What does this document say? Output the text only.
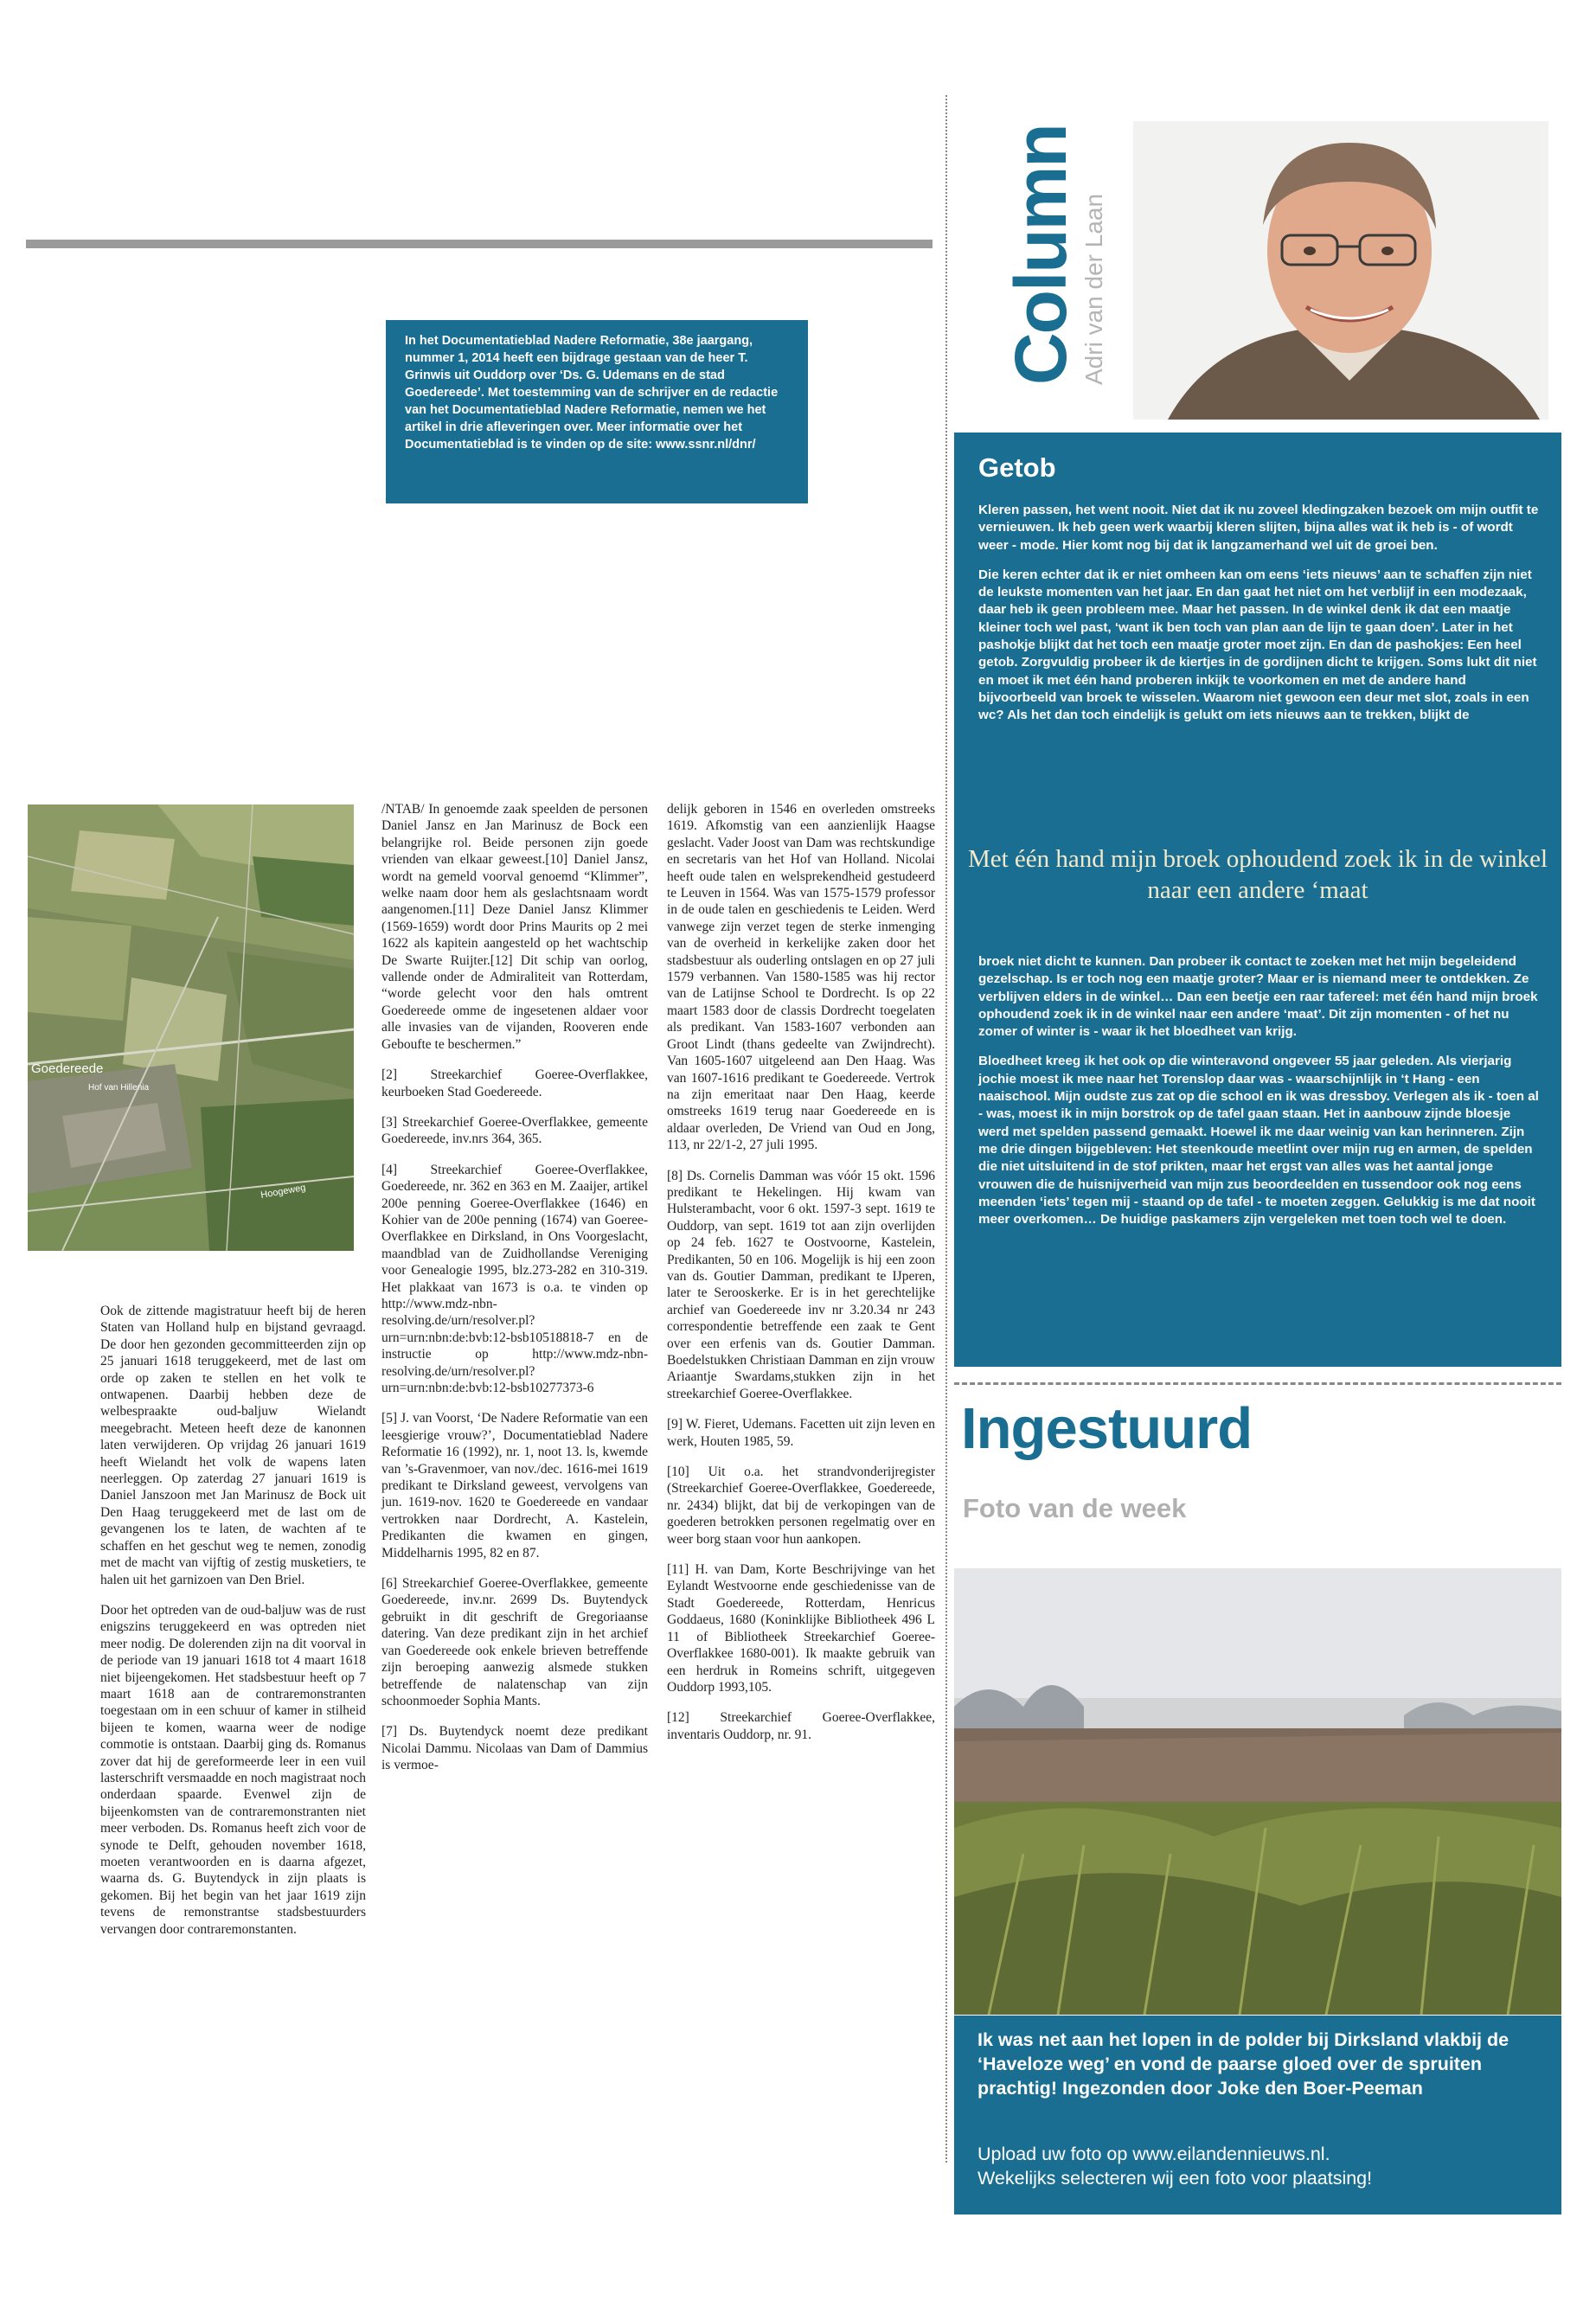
In het Documentatieblad Nadere Reformatie, 38e jaargang, nummer 1, 2014 heeft een bijdrage gestaan van de heer T. Grinwis uit Ouddorp over ‘Ds. G. Udemans en de stad Goedereede’. Met toestemming van de schrijver en de redactie van het Documentatieblad Nadere Reformatie, nemen we het artikel in drie afleveringen over. Meer informatie over het Documentatieblad is te vinden op de site: www.ssnr.nl/dnr/
Goedereede
Hof van Hillenia
Hoogeweg

Ook de zittende magistratuur heeft bij de heren Staten van Holland hulp en bijstand gevraagd. De door hen gezonden gecommitteerden zijn op 25 januari 1618 teruggekeerd, met de last om orde op zaken te stellen en het volk te ontwapenen. Daarbij hebben deze de welbespraakte oud-baljuw Wielandt meegebracht. Meteen heeft deze de kanonnen laten verwijderen. Op vrijdag 26 januari 1619 heeft Wielandt het volk de wapens laten neerleggen. Op zaterdag 27 januari 1619 is Daniel Janszoon met Jan Marinusz de Bock uit Den Haag teruggekeerd met de last om de gevangenen los te laten, de wachten af te schaffen en het geschut weg te nemen, zonodig met de macht van vijftig of zestig musketiers, te halen uit het garnizoen van Den Briel.

Door het optreden van de oud-baljuw was de rust enigszins teruggekeerd en was optreden niet meer nodig. De dolerenden zijn na dit voorval in de periode van 19 januari 1618 tot 4 maart 1618 niet bijeengekomen. Het stadsbestuur heeft op 7 maart 1618 aan de contraremonstranten toegestaan om in een schuur of kamer in stilheid bijeen te komen, waarna weer de nodige commotie is ontstaan. Daarbij ging ds. Romanus zover dat hij de gereformeerde leer in een vuil lasterschrift versmaadde en noch magistraat noch onderdaan spaarde. Evenwel zijn de bijeenkomsten van de contraremonstranten niet meer verboden. Ds. Romanus heeft zich voor de synode te Delft, gehouden november 1618, moeten verantwoorden en is daarna afgezet, waarna ds. G. Buytendyck in zijn plaats is gekomen. Bij het begin van het jaar 1619 zijn tevens de remonstrantse stadsbestuurders vervangen door contraremonstanten.

/NTAB/ In genoemde zaak speelden de personen Daniel Jansz en Jan Marinusz de Bock een belangrijke rol. Beide personen zijn goede vrienden van elkaar geweest.[10] Daniel Jansz, wordt na gemeld voorval genoemd “Klimmer”, welke naam door hem als geslachtsnaam wordt aangenomen.[11] Deze Daniel Jansz Klimmer (1569-1659) wordt door Prins Maurits op 2 mei 1622 als kapitein aangesteld op het wachtschip De Swarte Ruijter.[12] Dit schip van oorlog, vallende onder de Admiraliteit van Rotterdam, “worde gelecht voor den hals omtrent Goedereede omme de ingesetenen aldaer voor alle invasies van de vijanden, Rooveren ende Geboufte te beschermen.”

[2] Streekarchief Goeree-Overflakkee, keurboeken Stad Goedereede.

[3] Streekarchief Goeree-Overflakkee, gemeente Goedereede, inv.nrs 364, 365.

[4] Streekarchief Goeree-Overflakkee, Goedereede, nr. 362 en 363 en M. Zaaijer, artikel 200e penning Goeree-Overflakkee (1646) en Kohier van de 200e penning (1674) van Goeree-Overflakkee en Dirksland, in Ons Voorgeslacht, maandblad van de Zuidhollandse Vereniging voor Genealogie 1995, blz.273-282 en 310-319. Het plakkaat van 1673 is o.a. te vinden op http://www.mdz-nbn-resolving.de/urn/resolver.pl?urn=urn:nbn:de:bvb:12-bsb10518818-7 en de instructie op http://www.mdz-nbn-resolving.de/urn/resolver.pl?urn=urn:nbn:de:bvb:12-bsb10277373-6

[5] J. van Voorst, ‘De Nadere Reformatie van een leesgierige vrouw?’, Documentatieblad Nadere Reformatie 16 (1992), nr. 1, noot 13. ls, kwemde van ’s-Gravenmoer, van nov./dec. 1616-mei 1619 predikant te Dirksland geweest, vervolgens van jun. 1619-nov. 1620 te Goedereede en vandaar vertrokken naar Dordrecht, A. Kastelein, Predikanten die kwamen en gingen, Middelharnis 1995, 82 en 87.

[6] Streekarchief Goeree-Overflakkee, gemeente Goedereede, inv.nr. 2699 Ds. Buytendyck gebruikt in dit geschrift de Gregoriaanse datering. Van deze predikant zijn in het archief van Goedereede ook enkele brieven betreffende zijn beroeping aanwezig alsmede stukken betreffende de nalatenschap van zijn schoonmoeder Sophia Mants.

[7] Ds. Buytendyck noemt deze predikant Nicolai Dammu. Nicolaas van Dam of Dammius is vermoe-

delijk geboren in 1546 en overleden omstreeks 1619. Afkomstig van een aanzienlijk Haagse geslacht. Vader Joost van Dam was rechtskundige en secretaris van het Hof van Holland. Nicolai heeft oude talen en welsprekendheid gestudeerd te Leuven in 1564. Was van 1575-1579 professor in de oude talen en geschiedenis te Leiden. Werd vanwege zijn verzet tegen de sterke inmenging van de overheid in kerkelijke zaken door het stadsbestuur als ouderling ontslagen en op 27 juli 1579 verbannen. Van 1580-1585 was hij rector van de Latijnse School te Dordrecht. Is op 22 maart 1583 door de classis Dordrecht toegelaten als predikant. Van 1583-1607 verbonden aan Groot Lindt (thans gedeelte van Zwijndrecht). Van 1605-1607 uitgeleend aan Den Haag. Was van 1607-1616 predikant te Goedereede. Vertrok na zijn emeritaat naar Den Haag, keerde omstreeks 1619 terug naar Goedereede en is aldaar overleden, De Vriend van Oud en Jong, 113, nr 22/1-2, 27 juli 1995.

[8] Ds. Cornelis Damman was vóór 15 okt. 1596 predikant te Hekelingen. Hij kwam van Hulsterambacht, voor 6 okt. 1597-3 sept. 1619 te Ouddorp, van sept. 1619 tot aan zijn overlijden op 24 feb. 1627 te Oostvoorne, Kastelein, Predikanten, 50 en 106. Mogelijk is hij een zoon van ds. Goutier Damman, predikant te IJperen, later te Serooskerke. Er is in het gerechtelijke archief van Goedereede inv nr 3.20.34 nr 243 correspondentie betreffende een zaak te Gent over een erfenis van ds. Goutier Damman. Boedelstukken Christiaan Damman en zijn vrouw Ariaantje Swardams,stukken zijn in het streekarchief Goeree-Overflakkee.

[9] W. Fieret, Udemans. Facetten uit zijn leven en werk, Houten 1985, 59.

[10] Uit o.a. het strandvonderijregister (Streekarchief Goeree-Overflakkee, Goedereede, nr. 2434) blijkt, dat bij de verkopingen van de goederen betrokken personen regelmatig over en weer borg staan voor hun aankopen.

[11] H. van Dam, Korte Beschrijvinge van het Eylandt Westvoorne ende geschiedenisse van de Stadt Goedereede, Rotterdam, Henricus Goddaeus, 1680 (Koninklijke Bibliotheek 496 L 11 of Bibliotheek Streekarchief Goeree-Overflakkee 1680-001). Ik maakte gebruik van een herdruk in Romeins schrift, uitgegeven Ouddorp 1993,105.

[12] Streekarchief Goeree-Overflakkee, inventaris Ouddorp, nr. 91.

Column Adri van der Laan
Getob

Kleren passen, het went nooit. Niet dat ik nu zoveel kledingzaken bezoek om mijn outfit te vernieuwen. Ik heb geen werk waarbij kleren slijten, bijna alles wat ik heb is - of wordt weer - mode. Hier komt nog bij dat ik langzamerhand wel uit de groei ben.

Die keren echter dat ik er niet omheen kan om eens ‘iets nieuws’ aan te schaffen zijn niet de leukste momenten van het jaar. En dan gaat het niet om het verblijf in een modezaak, daar heb ik geen probleem mee. Maar het passen. In de winkel denk ik dat een maatje kleiner toch wel past, ‘want ik ben toch van plan aan de lijn te gaan doen’. Later in het pashokje blijkt dat het toch een maatje groter moet zijn. En dan de pashokjes: Een heel getob. Zorgvuldig probeer ik de kiertjes in de gordijnen dicht te krijgen. Soms lukt dit niet en moet ik met één hand proberen inkijk te voorkomen en met de andere hand bijvoorbeeld van broek te wisselen. Waarom niet gewoon een deur met slot, zoals in een wc? Als het dan toch eindelijk is gelukt om iets nieuws aan te trekken, blijkt de

Met één hand mijn broek ophoudend zoek ik in de winkel naar een andere ‘maat

broek niet dicht te kunnen. Dan probeer ik contact te zoeken met het mijn begeleidend gezelschap. Is er toch nog een maatje groter? Maar er is niemand meer te ontdekken. Ze verblijven elders in de winkel… Dan een beetje een raar tafereel: met één hand mijn broek ophoudend zoek ik in de winkel naar een andere ‘maat’. Dit zijn momenten - of het nu zomer of winter is - waar ik het bloedheet van krijg.

Bloedheet kreeg ik het ook op die winteravond ongeveer 55 jaar geleden. Als vierjarig jochie moest ik mee naar het Torenslop daar was - waarschijnlijk in ‘t Hang - een naaischool. Mijn oudste zus zat op die school en ik was dressboy. Verlegen als ik - toen al - was, moest ik in mijn borstrok op de tafel gaan staan. Het in aanbouw zijnde bloesje werd met spelden passend gemaakt. Hoewel ik me daar weinig van kan herinneren. Zijn me drie dingen bijgebleven: Het steenkoude meetlint over mijn rug en armen, de spelden die niet uitsluitend in de stof prikten, maar het ergst van alles was het aantal jonge vrouwen die de huisnijverheid van mijn zus beoordeelden en tussendoor ook nog eens meenden ‘iets’ tegen mij - staand op de tafel - te moeten zeggen. Gelukkig is me dat nooit meer overkomen… De huidige paskamers zijn vergeleken met toen toch wel te doen.

Ingestuurd
Foto van de week
Ik was net aan het lopen in de polder bij Dirksland vlakbij de ‘Haveloze weg’ en vond de paarse gloed over de spruiten prachtig! Ingezonden door Joke den Boer-Peeman
Upload uw foto op www.eilandennieuws.nl.
Wekelijks selecteren wij een foto voor plaatsing!
